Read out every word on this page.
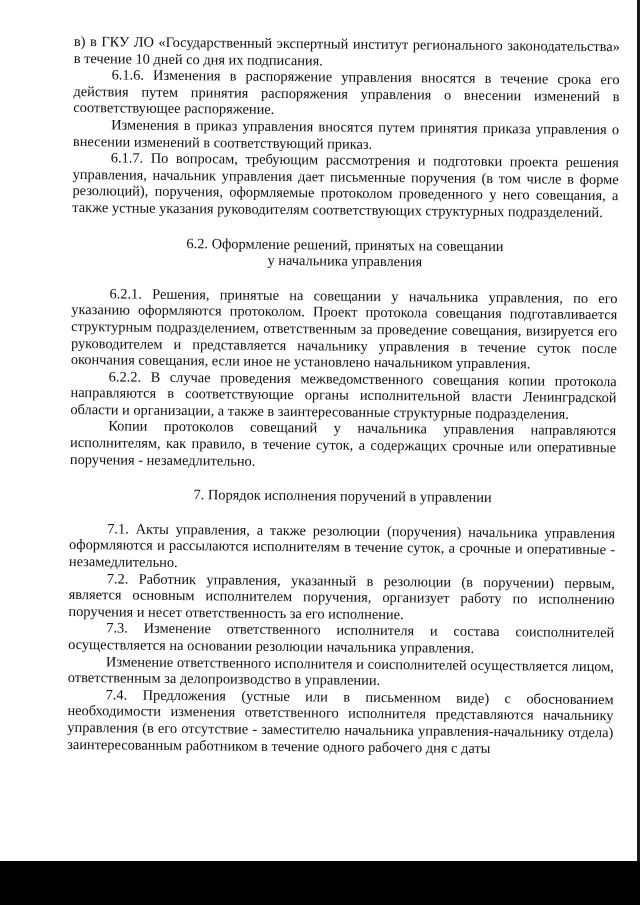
в) в ГКУ ЛО «Государственный экспертный институт регионального законодательства» в течение 10 дней со дня их подписания.

6.1.6. Изменения в распоряжение управления вносятся в течение срока его действия путем принятия распоряжения управления о внесении изменений в соответствующее распоряжение.

Изменения в приказ управления вносятся путем принятия приказа управления о внесении изменений в соответствующий приказ.

6.1.7. По вопросам, требующим рассмотрения и подготовки проекта решения управления, начальник управления дает письменные поручения (в том числе в форме резолюций), поручения, оформляемые протоколом проведенного у него совещания, а также устные указания руководителям соответствующих структурных подразделений.

6.2. Оформление решений, принятых на совещании

у начальника управления

6.2.1. Решения, принятые на совещании у начальника управления, по его указанию оформляются протоколом. Проект протокола совещания подготавливается структурным подразделением, ответственным за проведение совещания, визируется его руководителем и представляется начальнику управления в течение суток после окончания совещания, если иное не установлено начальником управления.

6.2.2. В случае проведения межведомственного совещания копии протокола направляются в соответствующие органы исполнительной власти Ленинградской области и организации, а также в заинтересованные структурные подразделения.

Копии протоколов совещаний у начальника управления направляются исполнителям, как правило, в течение суток, а содержащих срочные или оперативные поручения - незамедлительно.

7. Порядок исполнения поручений в управлении

7.1. Акты управления, а также резолюции (поручения) начальника управления оформляются и рассылаются исполнителям в течение суток, а срочные и оперативные - незамедлительно.

7.2. Работник управления, указанный в резолюции (в поручении) первым, является основным исполнителем поручения, организует работу по исполнению поручения и несет ответственность за его исполнение.

7.3. Изменение ответственного исполнителя и состава соисполнителей осуществляется на основании резолюции начальника управления.

Изменение ответственного исполнителя и соисполнителей осуществляется лицом, ответственным за делопроизводство в управлении.

7.4. Предложения (устные или в письменном виде) с обоснованием необходимости изменения ответственного исполнителя представляются начальнику управления (в его отсутствие - заместителю начальника управления-начальнику отдела) заинтересованным работником в течение одного рабочего дня с даты
